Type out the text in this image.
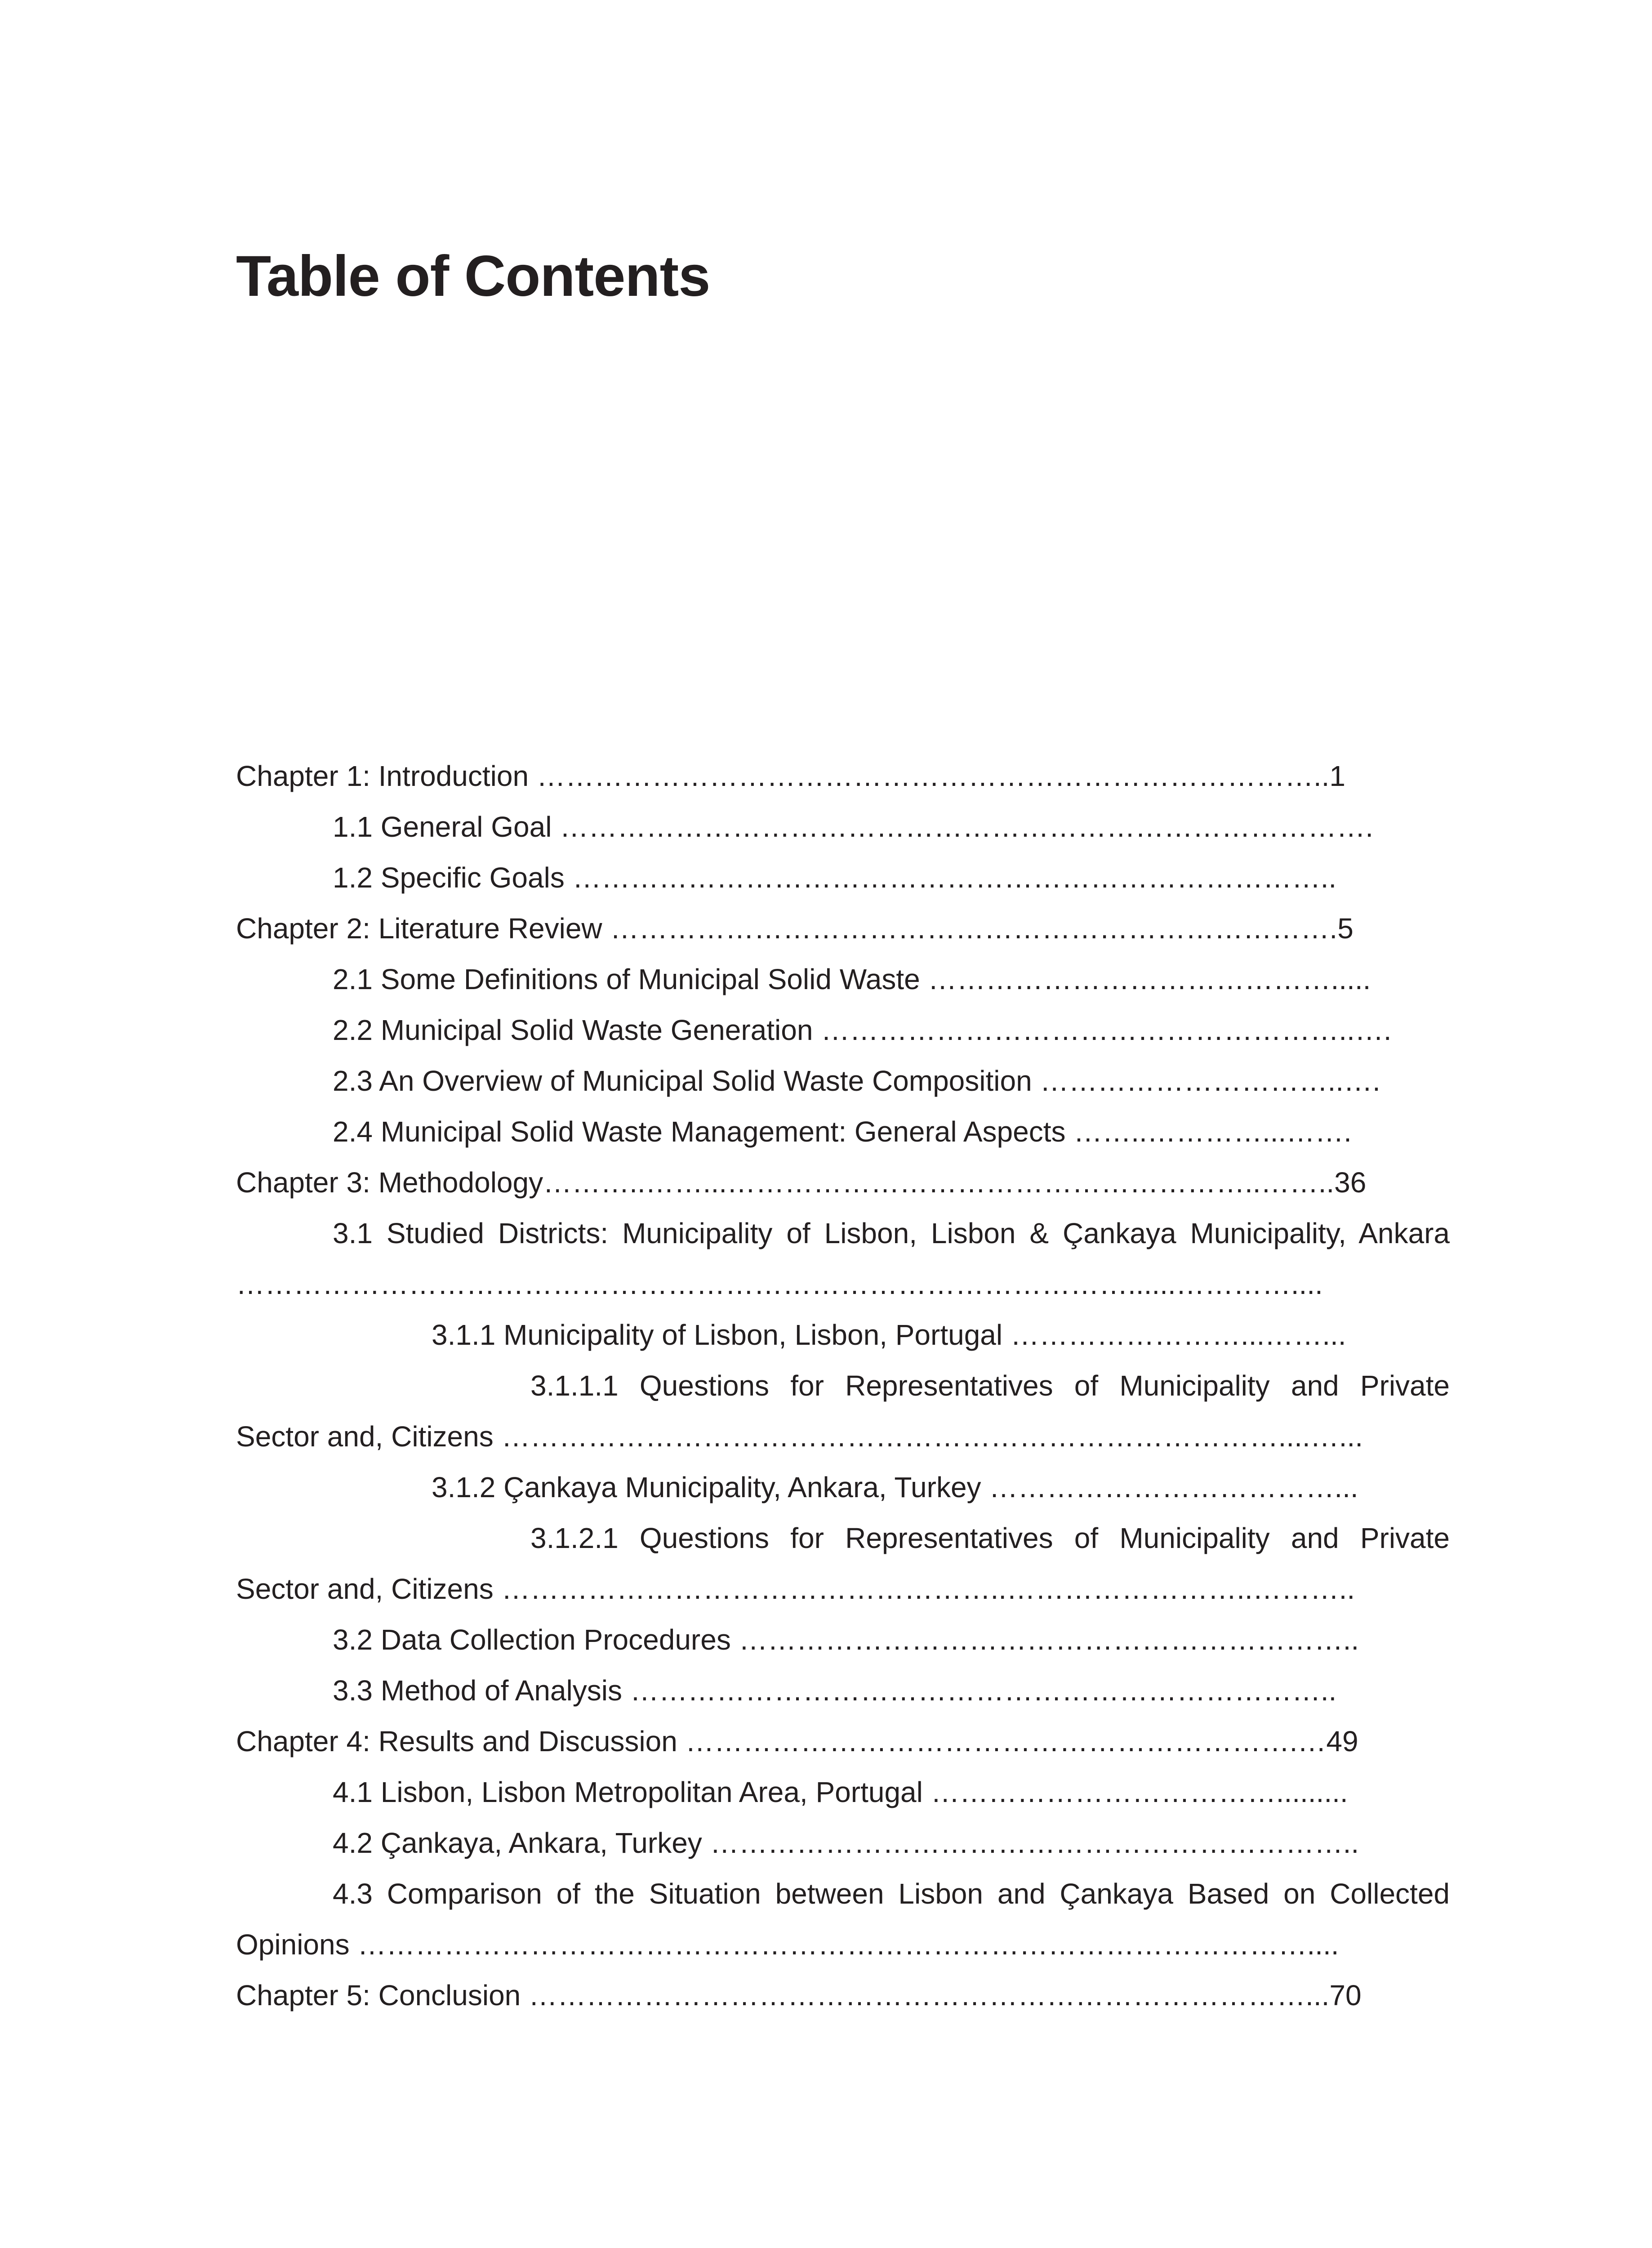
Table of Contents
Chapter 1: Introduction ………………………………………………………………………..1
1.1 General Goal ………………………………………………………………………….
1.2 Specific Goals ……………………………………………………………………..
Chapter 2: Literature Review ………………………………………………………………….5
2.1 Some Definitions of Municipal Solid Waste …………………………………….....
2.2 Municipal Solid Waste Generation ………………………………………………..….
2.3 An Overview of Municipal Solid Waste Composition …………………………..….
2.4 Municipal Solid Waste Management: General Aspects ……..…………...…….
Chapter 3: Methodology………..……...………………………………………………..……..36
3.1 Studied Districts: Municipality of Lisbon, Lisbon & Çankaya Municipality, Ankara
…………………………………………………………………………………......…………....
3.1.1 Municipality of Lisbon, Lisbon, Portugal ……………………...……...
3.1.1.1 Questions for Representatives of Municipality and Private
Sector and, Citizens ………………………………………………………………………....…...
3.1.2 Çankaya Municipality, Ankara, Turkey ………………………………...
3.1.2.1 Questions for Representatives of Municipality and Private
Sector and, Citizens ……………………………………………..……………………..………..
3.2 Data Collection Procedures ………………………………………………………..
3.3 Method of Analysis ………………………………………………………………..
Chapter 4: Results and Discussion ……………………………………………………….…49
4.1 Lisbon, Lisbon Metropolitan Area, Portugal ……………………………….........
4.2 Çankaya, Ankara, Turkey …………………………………………………………..
4.3 Comparison of the Situation between Lisbon and Çankaya Based on Collected
Opinions ………………………………………………………………………………………....
Chapter 5: Conclusion ………………………………………………………………………...70
